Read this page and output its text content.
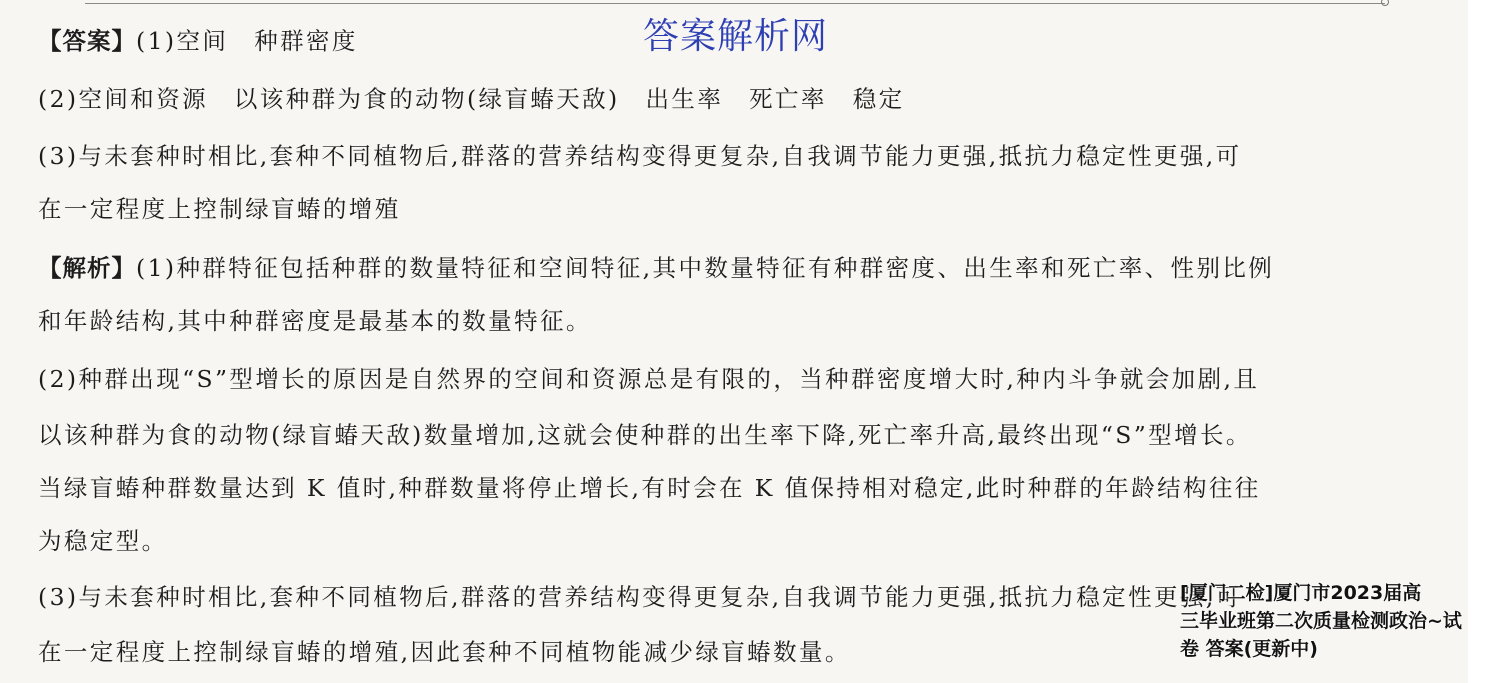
答案解析网
【答案】(1)空间　种群密度
(2)空间和资源　以该种群为食的动物(绿盲蝽天敌)　出生率　死亡率　稳定
(3)与未套种时相比,套种不同植物后,群落的营养结构变得更复杂,自我调节能力更强,抵抗力稳定性更强,可
在一定程度上控制绿盲蝽的增殖
【解析】(1)种群特征包括种群的数量特征和空间特征,其中数量特征有种群密度、出生率和死亡率、性别比例
和年龄结构,其中种群密度是最基本的数量特征。
(2)种群出现“S”型增长的原因是自然界的空间和资源总是有限的，当种群密度增大时,种内斗争就会加剧,且
以该种群为食的动物(绿盲蝽天敌)数量增加,这就会使种群的出生率下降,死亡率升高,最终出现“S”型增长。
当绿盲蝽种群数量达到 K 值时,种群数量将停止增长,有时会在 K 值保持相对稳定,此时种群的年龄结构往往
为稳定型。
(3)与未套种时相比,套种不同植物后,群落的营养结构变得更复杂,自我调节能力更强,抵抗力稳定性更强,可
在一定程度上控制绿盲蝽的增殖,因此套种不同植物能减少绿盲蝽数量。
[厦门二检]厦门市2023届高
三毕业班第二次质量检测政治~试
卷 答案(更新中)
